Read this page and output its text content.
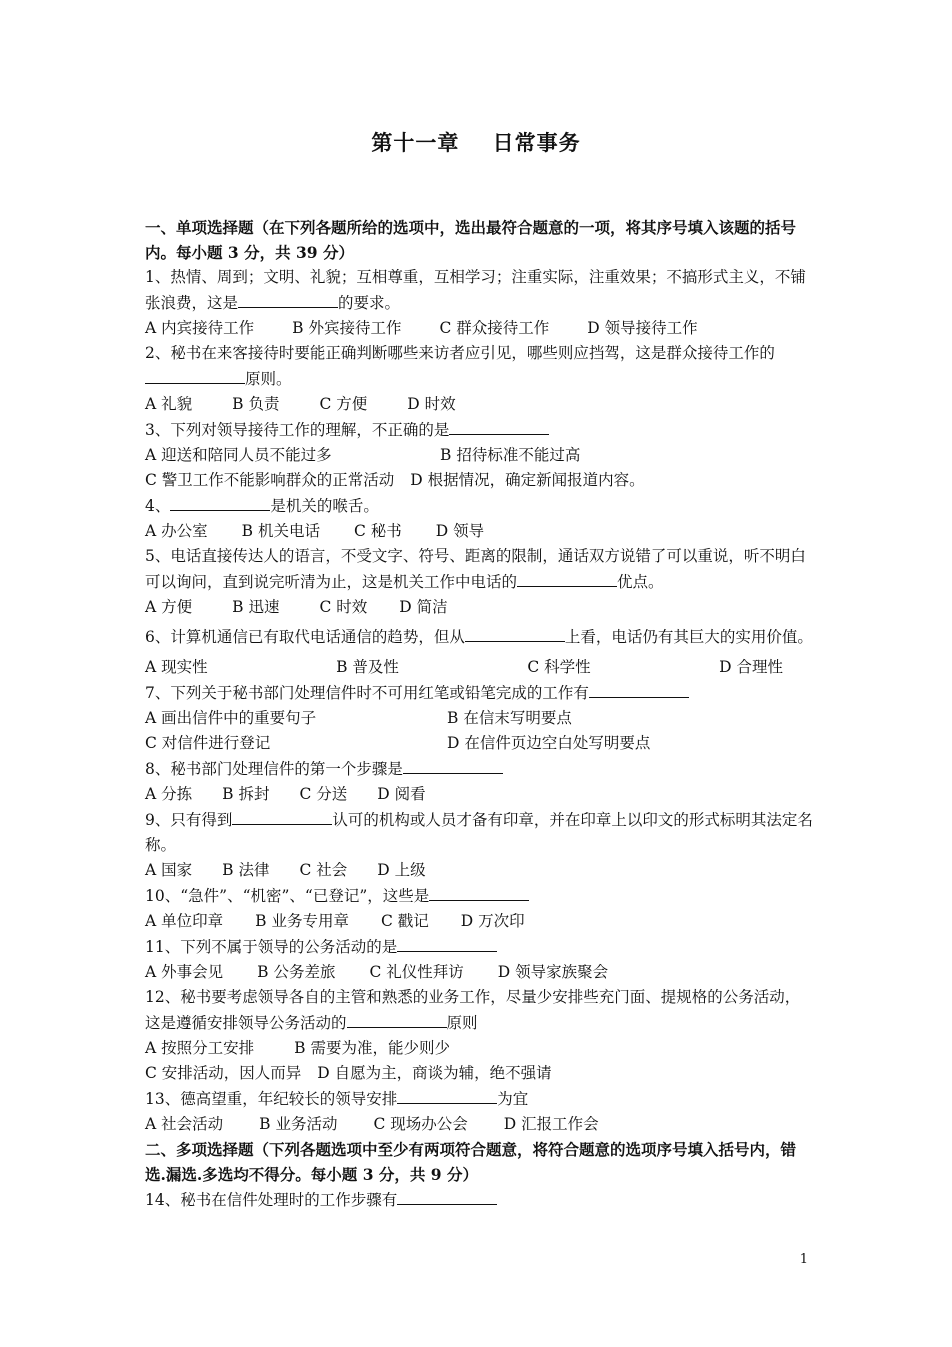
第十一章    日常事务

一、单项选择题（在下列各题所给的选项中，选出最符合题意的一项，将其序号填入该题的括号内。每小题 3 分，共 39 分）

1、热情、周到；文明、礼貌；互相尊重，互相学习；注重实际，注重效果；不搞形式主义，不铺张浪费，这是	的要求。

A 内宾接待工作 B 外宾接待工作 C 群众接待工作 D 领导接待工作

2、秘书在来客接待时要能正确判断哪些来访者应引见，哪些则应挡驾，这是群众接待工作的原则。

A 礼貌	B 负责	C 方便	D 时效

3、下列对领导接待工作的理解，不正确的是

A 迎送和陪同人员不能过多	B 招待标准不能过高
C 警卫工作不能影响群众的正常活动 D 根据情况，确定新闻报道内容。

4、	是机关的喉舌。

A 办公室 B 机关电话 C 秘书 D 领导

5、电话直接传达人的语言，不受文字、符号、距离的限制，通话双方说错了可以重说，听不明白可以询问，直到说完听清为止，这是机关工作中电话的	优点。

A 方便	B 迅速	C 时效 D 简洁

6、计算机通信已有取代电话通信的趋势，但从	上看，电话仍有其巨大的实用价值。

A 现实性	B 普及性	C 科学性	D 合理性

7、下列关于秘书部门处理信件时不可用红笔或铅笔完成的工作有

A 画出信件中的重要句子	B 在信末写明要点
C 对信件进行登记	D 在信件页边空白处写明要点

8、秘书部门处理信件的第一个步骤是

A 分拣 B 拆封 C 分送 D 阅看

9、只有得到	认可的机构或人员才备有印章，并在印章上以印文的形式标明其法定名称。

A 国家 B 法律 C 社会 D 上级

10、“急件”、“机密”、“已登记”，这些是

A 单位印章 B 业务专用章 C 戳记 D 万次印

11、下列不属于领导的公务活动的是

A 外事会见 B 公务差旅 C 礼仪性拜访 D 领导家族聚会

12、秘书要考虑领导各自的主管和熟悉的业务工作，尽量少安排些充门面、提规格的公务活动，这是遵循安排领导公务活动的	原则

A 按照分工安排	B 需要为准，能少则少
C 安排活动，因人而异 D 自愿为主，商谈为辅，绝不强请

13、德高望重，年纪较长的领导安排	为宜

A 社会活动 B 业务活动 C 现场办公会 D 汇报工作会

二、多项选择题（下列各题选项中至少有两项符合题意，将符合题意的选项序号填入括号内，错选.漏选.多选均不得分。每小题 3 分，共 9 分）

14、秘书在信件处理时的工作步骤有

1
